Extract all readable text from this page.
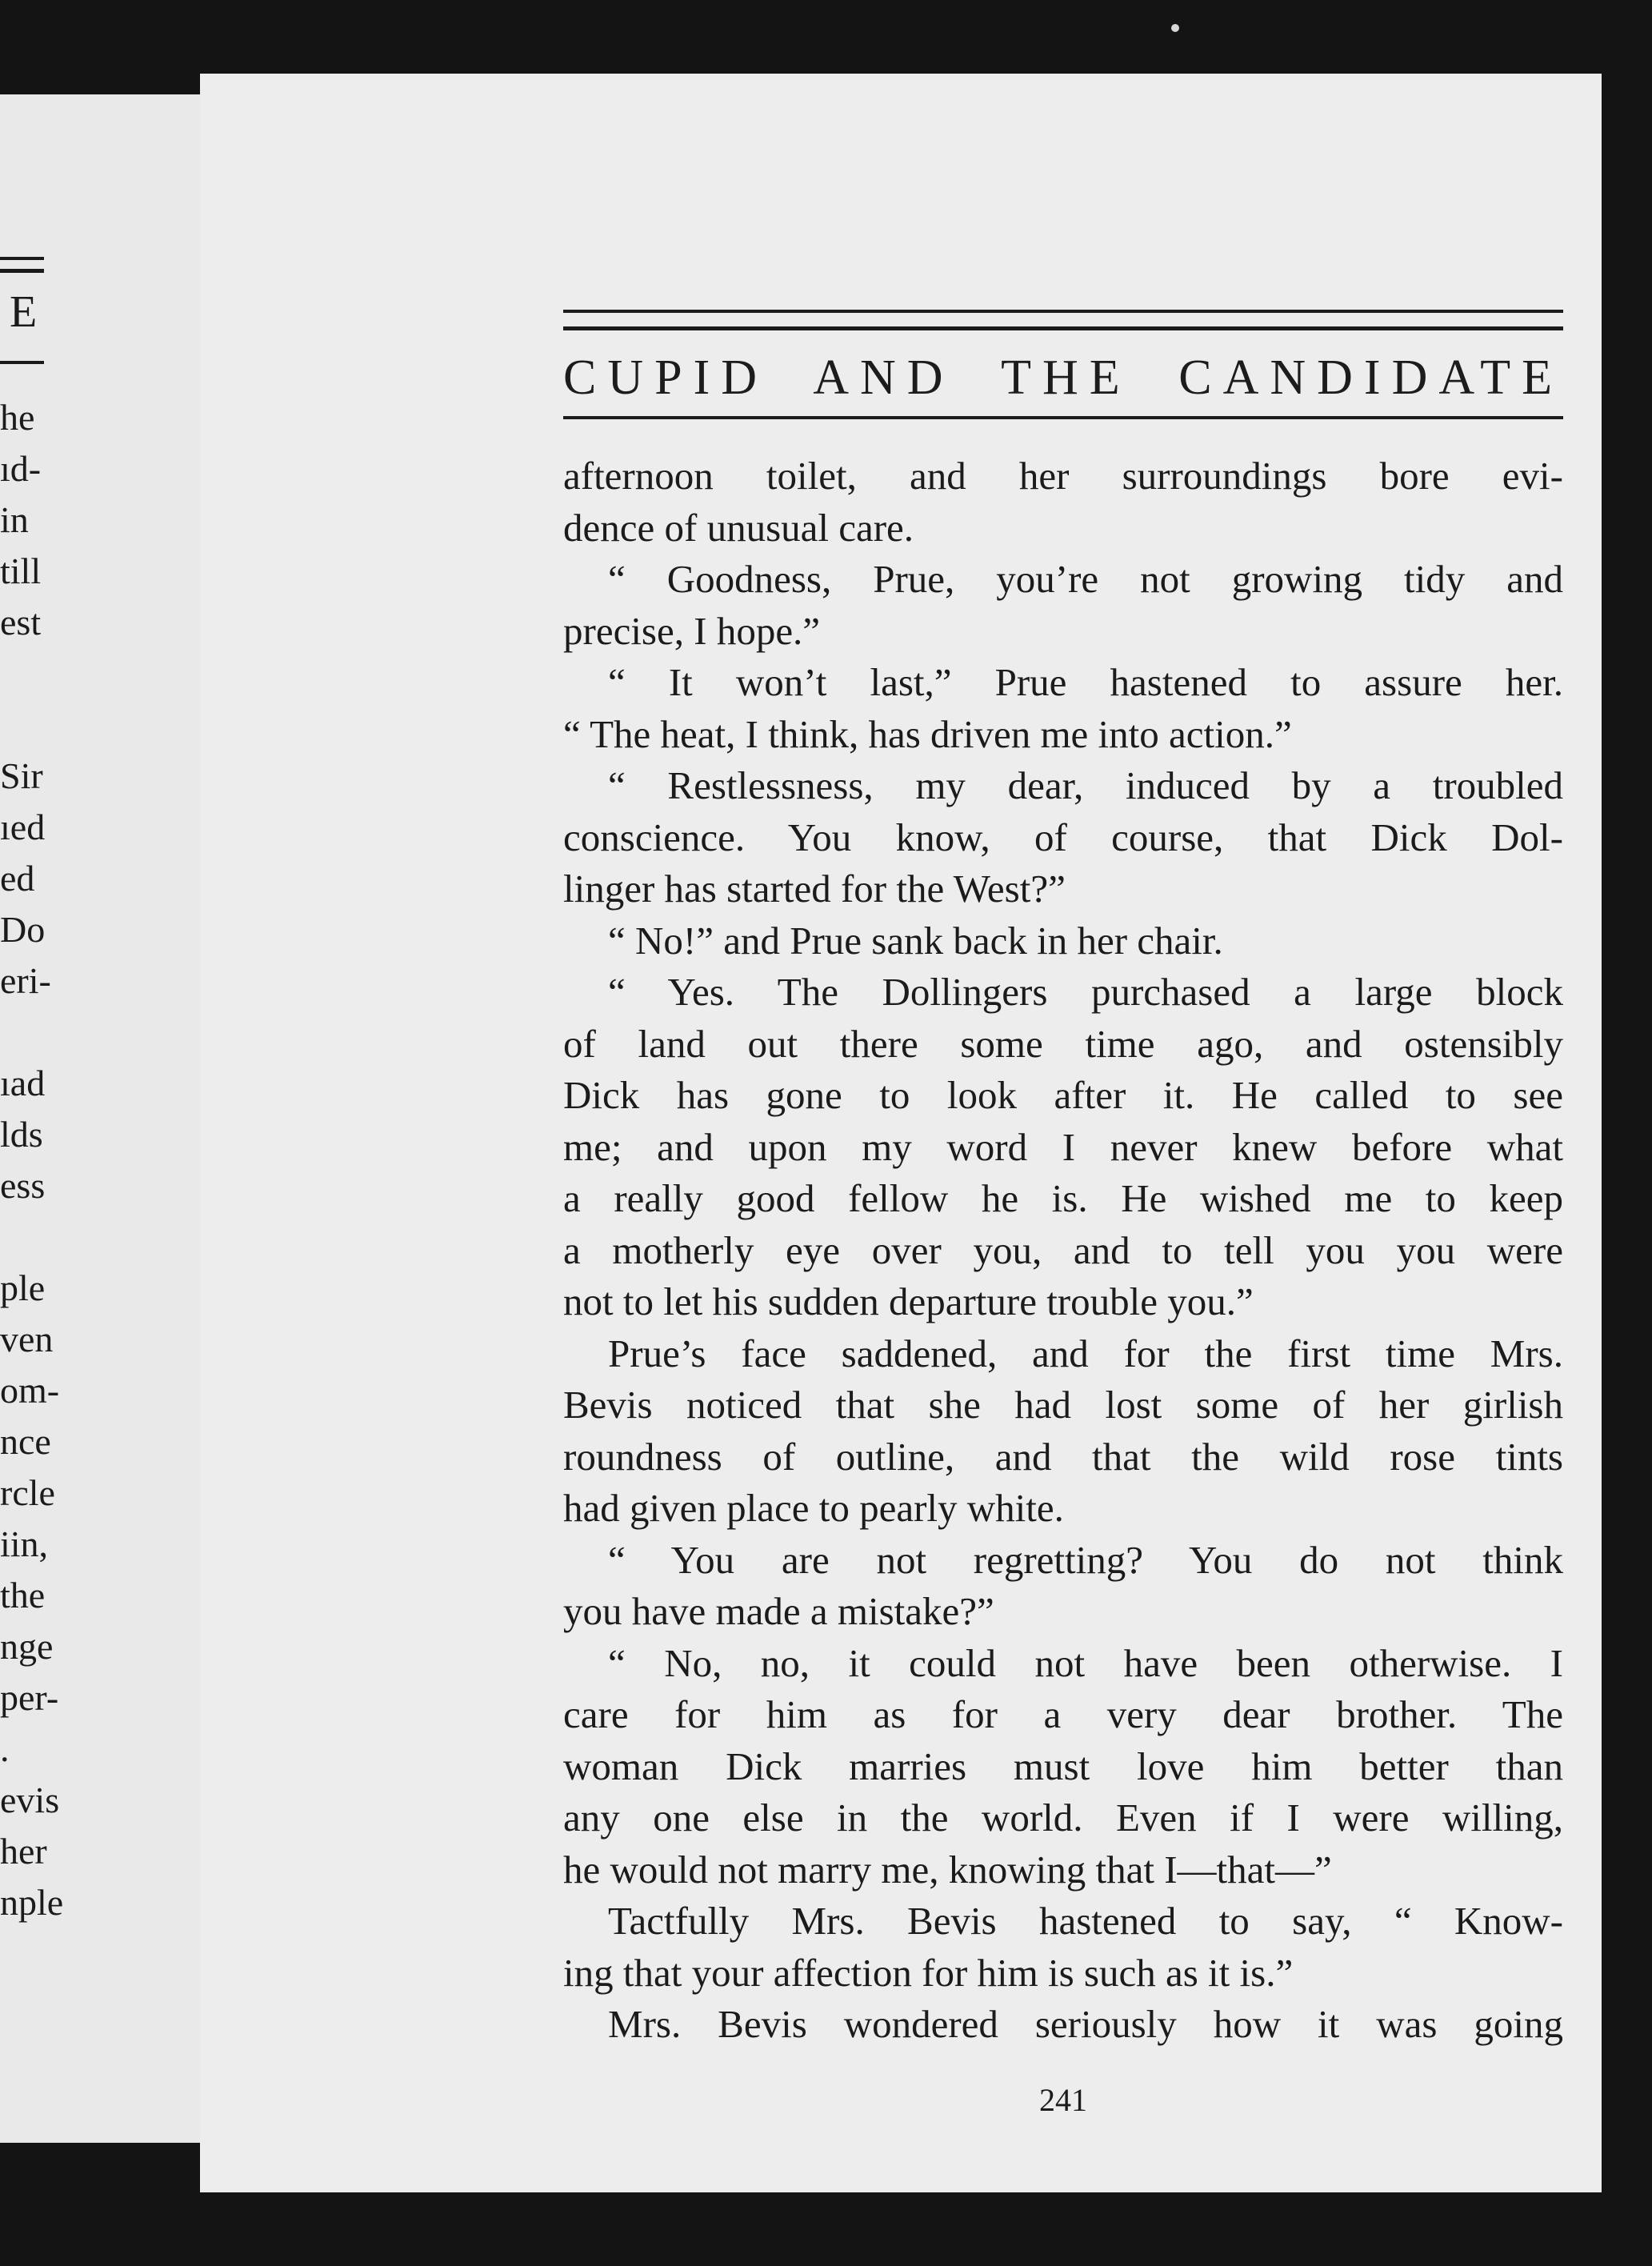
E
he
ıd-
in
till
est
Sir
ıed
ed
Do
eri-
ıad
lds
ess
ple
ven
om-
nce
rcle
iin,
the
nge
per-
.
evis
her
nple
CUPID AND THE CANDIDATE
afternoon toilet, and her surroundings bore evi-
dence of unusual care.
“ Goodness, Prue, you’re not growing tidy and
precise, I hope.”
“ It won’t last,” Prue hastened to assure her.
“ The heat, I think, has driven me into action.”
“ Restlessness, my dear, induced by a troubled
conscience. You know, of course, that Dick Dol-
linger has started for the West?”
“ No!” and Prue sank back in her chair.
“ Yes. The Dollingers purchased a large block
of land out there some time ago, and ostensibly
Dick has gone to look after it. He called to see
me; and upon my word I never knew before what
a really good fellow he is. He wished me to keep
a motherly eye over you, and to tell you you were
not to let his sudden departure trouble you.”
Prue’s face saddened, and for the first time Mrs.
Bevis noticed that she had lost some of her girlish
roundness of outline, and that the wild rose tints
had given place to pearly white.
“ You are not regretting? You do not think
you have made a mistake?”
“ No, no, it could not have been otherwise. I
care for him as for a very dear brother. The
woman Dick marries must love him better than
any one else in the world. Even if I were willing,
he would not marry me, knowing that I—that—”
Tactfully Mrs. Bevis hastened to say, “ Know-
ing that your affection for him is such as it is.”
Mrs. Bevis wondered seriously how it was going
241
